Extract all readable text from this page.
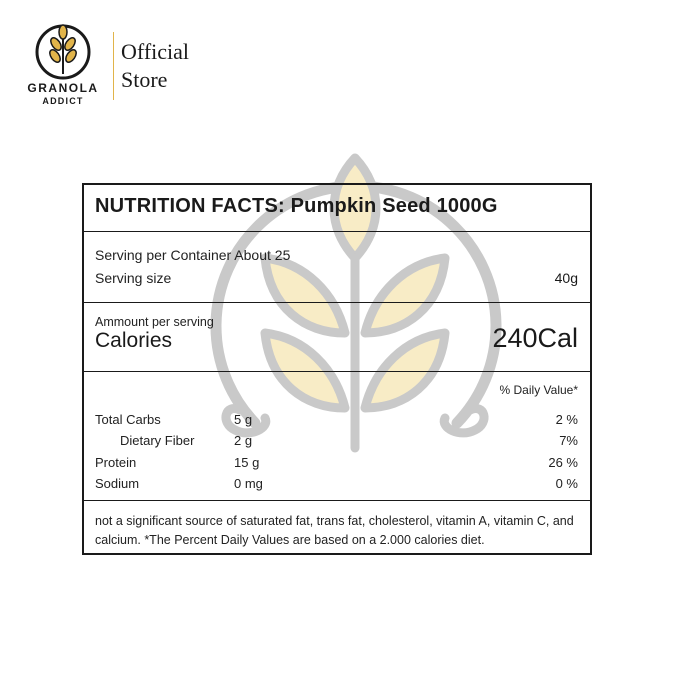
GRANOLA
ADDICT
Official
Store
NUTRITION FACTS: Pumpkin Seed 1000G
Serving per Container About 25
Serving size	40g
Ammount per serving
Calories	240Cal
% Daily Value*
Total Carbs	5 g	2 %
Dietary Fiber	2 g	7%
Protein	15 g	26 %
Sodium	0 mg	0 %
not a significant source of saturated fat, trans fat, cholesterol, vitamin A, vitamin C, and calcium. *The Percent Daily Values are based on a 2.000 calories diet.
